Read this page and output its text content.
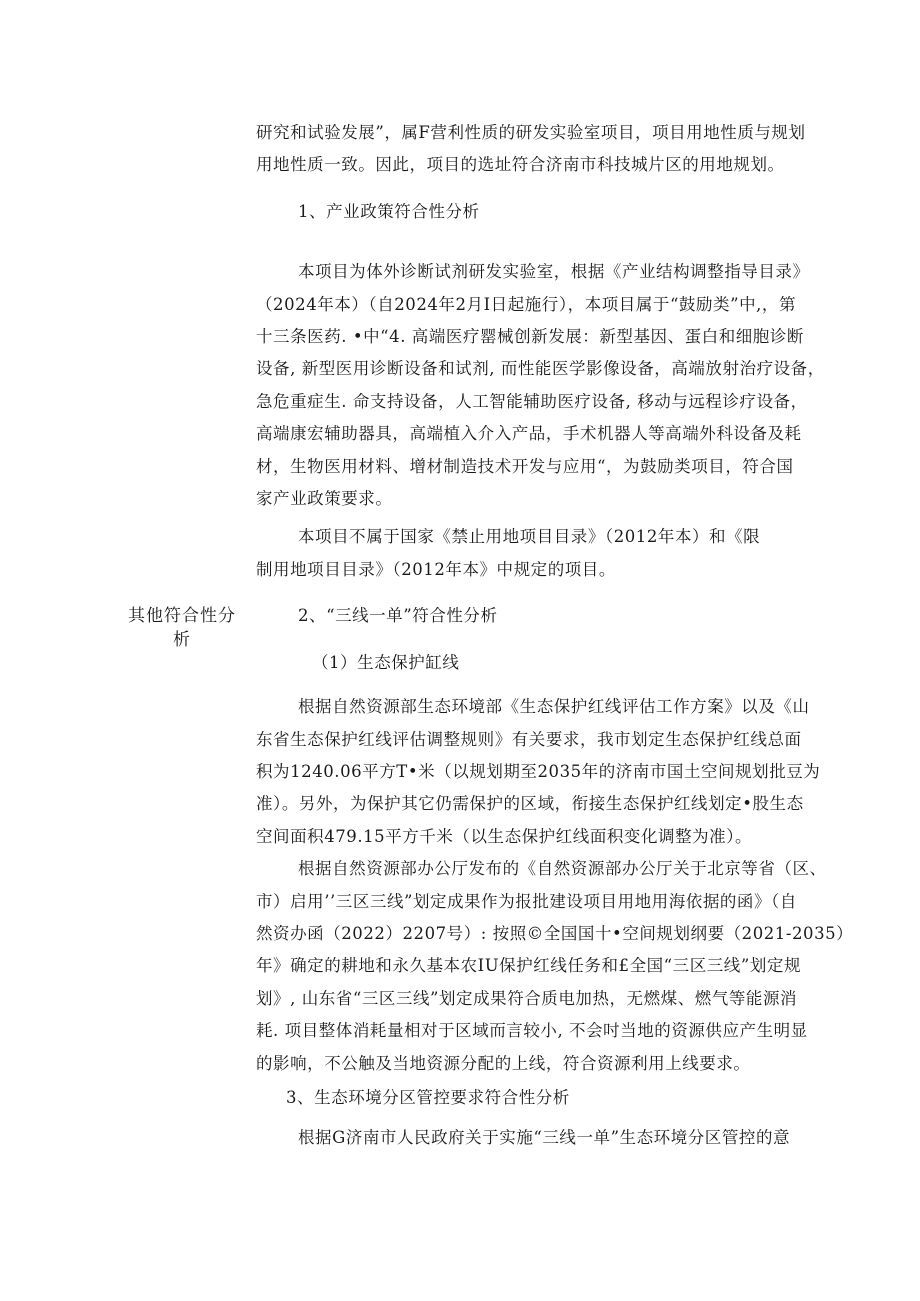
其他符合性分析

研究和试验发展”，属F营利性质的研发实验室项目，项目用地性质与规划

用地性质一致。因此，项目的选址符合济南市科技城片区的用地规划。

1、产业政策符合性分析

本项目为体外诊断试剂研发实验室，根据《产业结构调整指导目录》

（2024年本）（自2024年2月I日起施行），本项目属于“鼓励类”中,，第

十三条医药. •中“4. 高端医疗罂械创新发展：新型基因、蛋白和细胞诊断

设备, 新型医用诊断设备和试剂, 而性能医学影像设备，高端放射治疗设备，

急危重症生. 命支持设备，人工智能辅助医疗设备, 移动与远程诊疗设备，

高端康宏辅助器具，高端植入介入产品，手术机器人等高端外科设备及耗

材，生物医用材料、增材制造技术开发与应用“，为鼓励类项目，符合国

家产业政策要求。

本项目不属于国家《禁止用地项目目录》（2012年本）和《限

制用地项目目录》（2012年本》中规定的项目。

2、“三线一单”符合性分析

（1）生态保护缸线

根据自然资源部生态环境部《生态保护红线评估工作方案》以及《山

东省生态保护红线评估调整规则》有关要求，我市划定生态保护红线总面

积为1240.06平方T•米（以规划期至2035年的济南市国土空间规划批豆为

准）。另外，为保护其它仍需保护的区域，衔接生态保护红线划定•股生态

空间面积479.15平方千米（以生态保护红线面积变化调整为准）。

根据自然资源部办公厅发布的《自然资源部办公厅关于北京等省（区、

市）启用’’三区三线”划定成果作为报批建设项目用地用海依据的函》（自

然资办函（2022）2207号）: 按照©全国国十•空间规划纲要（2021-2035）

年》确定的耕地和永久基本农IU保护红线任务和£全国“三区三线”划定规

划》, 山东省“三区三线”划定成果符合质电加热，无燃煤、燃气等能源消

耗. 项目整体消耗量相对于区域而言较小, 不会吋当地的资源供应产生明显

的影响，不公触及当地资源分配的上线，符合资源利用上线要求。

3、生态环境分区管控要求符合性分析

根据G济南市人民政府关于实施“三线一单”生态环境分区管控的意
